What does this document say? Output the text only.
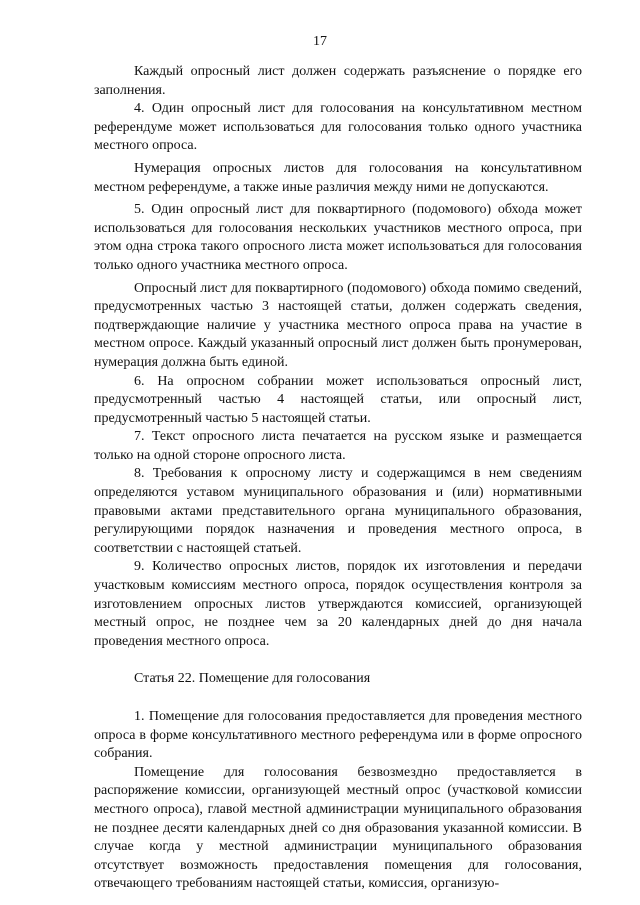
17

Каждый опросный лист должен содержать разъяснение о порядке его заполнения.

4. Один опросный лист для голосования на консультативном местном референдуме может использоваться для голосования только одного участника местного опроса.

Нумерация опросных листов для голосования на консультативном местном референдуме, а также иные различия между ними не допускаются.

5. Один опросный лист для поквартирного (подомового) обхода может использоваться для голосования нескольких участников местного опроса, при этом одна строка такого опросного листа может использоваться для голосования только одного участника местного опроса.

Опросный лист для поквартирного (подомового) обхода помимо сведений, предусмотренных частью 3 настоящей статьи, должен содержать сведения, подтверждающие наличие у участника местного опроса права на участие в местном опросе. Каждый указанный опросный лист должен быть пронумерован, нумерация должна быть единой.

6. На опросном собрании может использоваться опросный лист, предусмотренный частью 4 настоящей статьи, или опросный лист, предусмотренный частью 5 настоящей статьи.

7. Текст опросного листа печатается на русском языке и размещается только на одной стороне опросного листа.

8. Требования к опросному листу и содержащимся в нем сведениям определяются уставом муниципального образования и (или) нормативными правовыми актами представительного органа муниципального образования, регулирующими порядок назначения и проведения местного опроса, в соответствии с настоящей статьей.

9. Количество опросных листов, порядок их изготовления и передачи участковым комиссиям местного опроса, порядок осуществления контроля за изготовлением опросных листов утверждаются комиссией, организующей местный опрос, не позднее чем за 20 календарных дней до дня начала проведения местного опроса.

Статья 22. Помещение для голосования

1. Помещение для голосования предоставляется для проведения местного опроса в форме консультативного местного референдума или в форме опросного собрания.

Помещение для голосования безвозмездно предоставляется в распоряжение комиссии, организующей местный опрос (участковой комиссии местного опроса), главой местной администрации муниципального образования не позднее десяти календарных дней со дня образования указанной комиссии. В случае когда у местной администрации муниципального образования отсутствует возможность предоставления помещения для голосования, отвечающего требованиям настоящей статьи, комиссия, организую-
